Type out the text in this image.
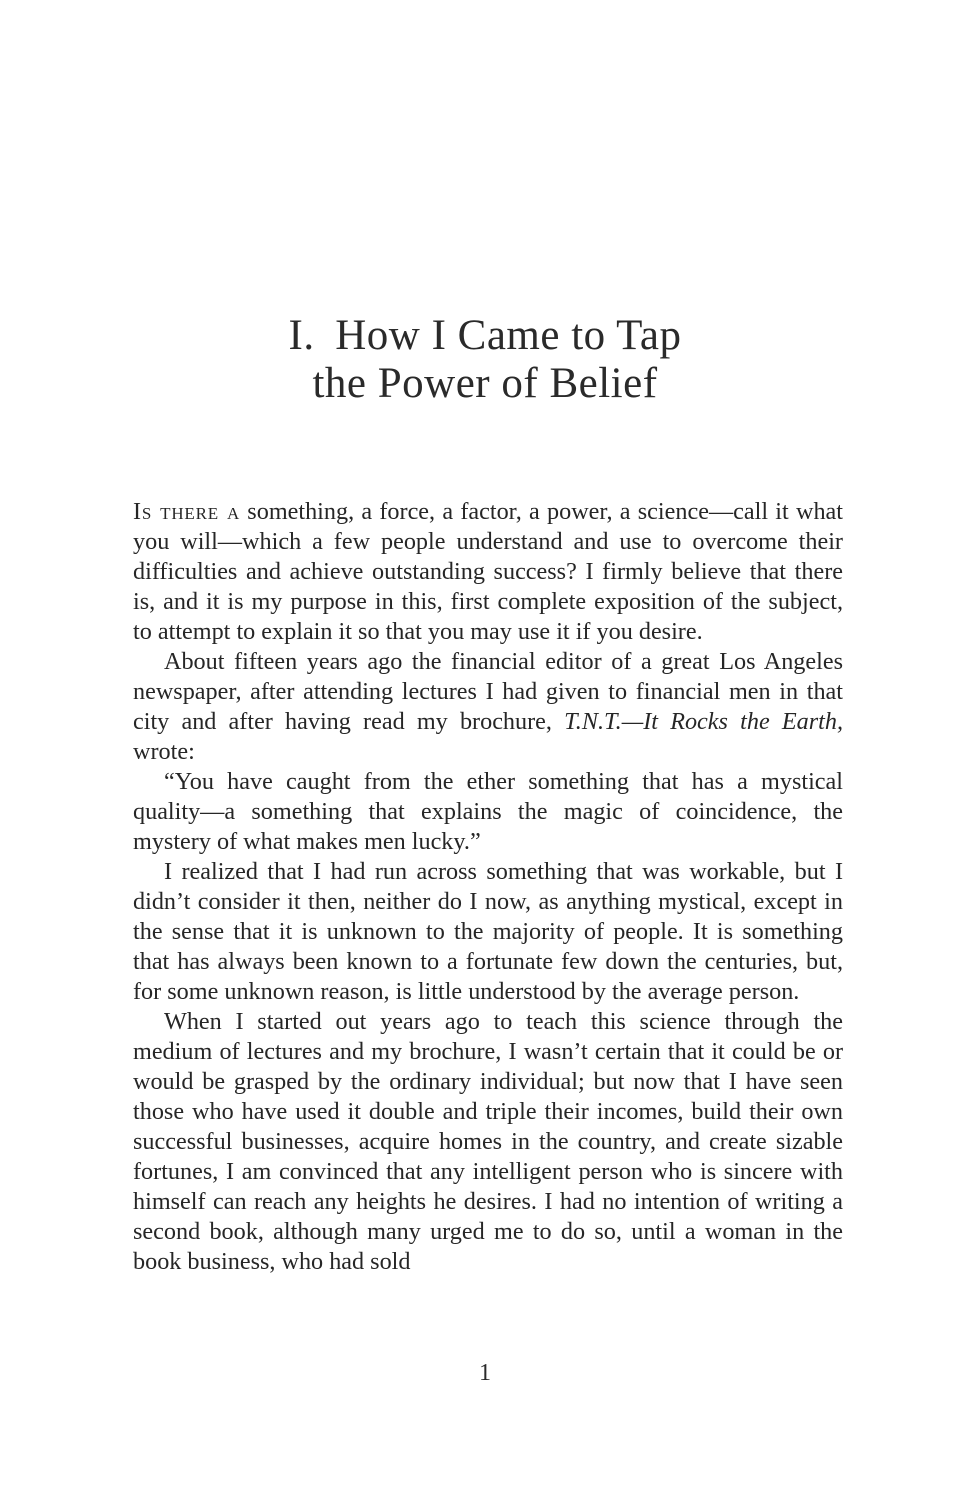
I. How I Came to Tap
the Power of Belief

Is there a something, a force, a factor, a power, a science—call it what you will—which a few people understand and use to overcome their difficulties and achieve outstanding success? I firmly believe that there is, and it is my purpose in this, first complete exposition of the subject, to attempt to explain it so that you may use it if you desire.

About fifteen years ago the financial editor of a great Los Angeles newspaper, after attending lectures I had given to financial men in that city and after having read my brochure, T.N.T.—It Rocks the Earth, wrote:

“You have caught from the ether something that has a mystical quality—a something that explains the magic of coincidence, the mystery of what makes men lucky.”

I realized that I had run across something that was workable, but I didn’t consider it then, neither do I now, as anything mystical, except in the sense that it is unknown to the majority of people. It is something that has always been known to a fortunate few down the centuries, but, for some unknown reason, is little understood by the average person.

When I started out years ago to teach this science through the medium of lectures and my brochure, I wasn’t certain that it could be or would be grasped by the ordinary individual; but now that I have seen those who have used it double and triple their incomes, build their own successful businesses, acquire homes in the country, and create sizable fortunes, I am convinced that any intelligent person who is sincere with himself can reach any heights he desires. I had no intention of writing a second book, although many urged me to do so, until a woman in the book business, who had sold

1
